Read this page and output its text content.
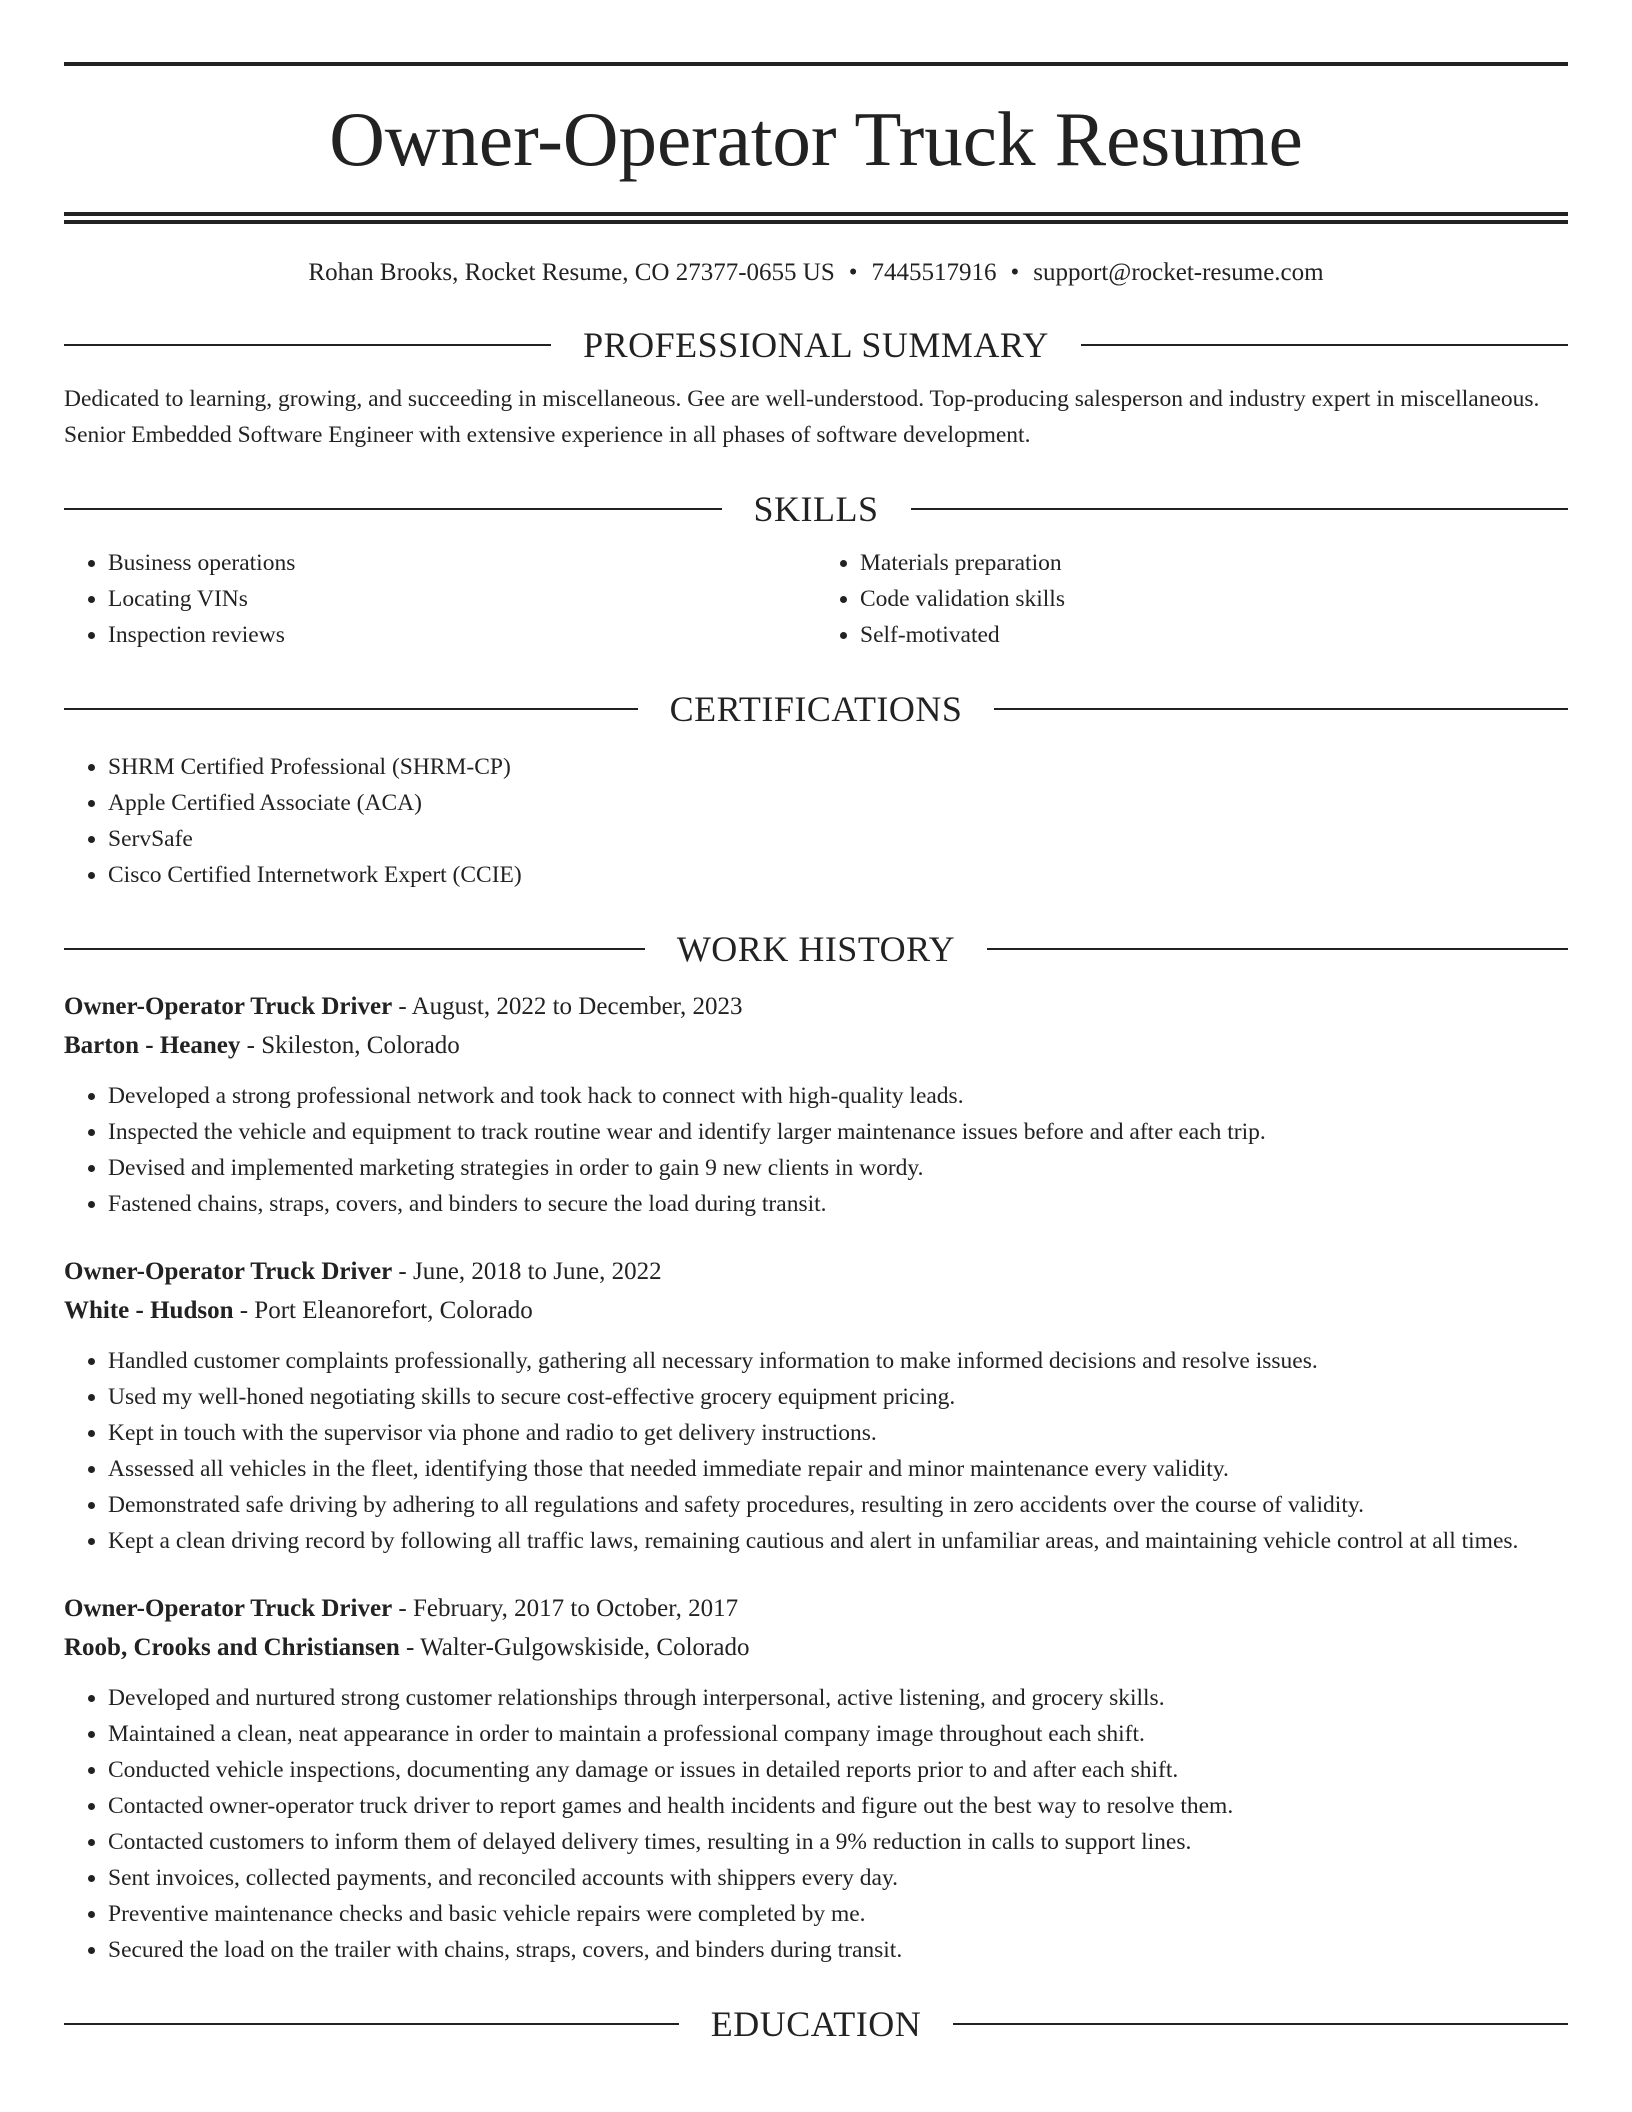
Owner-Operator Truck Resume
Rohan Brooks, Rocket Resume, CO 27377-0655 US • 7445517916 • support@rocket-resume.com
PROFESSIONAL SUMMARY
Dedicated to learning, growing, and succeeding in miscellaneous. Gee are well-understood. Top-producing salesperson and industry expert in miscellaneous. Senior Embedded Software Engineer with extensive experience in all phases of software development.
SKILLS
• Business operations
• Locating VINs
• Inspection reviews
• Materials preparation
• Code validation skills
• Self-motivated
CERTIFICATIONS
• SHRM Certified Professional (SHRM-CP)
• Apple Certified Associate (ACA)
• ServSafe
• Cisco Certified Internetwork Expert (CCIE)
WORK HISTORY
Owner-Operator Truck Driver - August, 2022 to December, 2023
Barton - Heaney - Skileston, Colorado
• Developed a strong professional network and took hack to connect with high-quality leads.
• Inspected the vehicle and equipment to track routine wear and identify larger maintenance issues before and after each trip.
• Devised and implemented marketing strategies in order to gain 9 new clients in wordy.
• Fastened chains, straps, covers, and binders to secure the load during transit.
Owner-Operator Truck Driver - June, 2018 to June, 2022
White - Hudson - Port Eleanorefort, Colorado
• Handled customer complaints professionally, gathering all necessary information to make informed decisions and resolve issues.
• Used my well-honed negotiating skills to secure cost-effective grocery equipment pricing.
• Kept in touch with the supervisor via phone and radio to get delivery instructions.
• Assessed all vehicles in the fleet, identifying those that needed immediate repair and minor maintenance every validity.
• Demonstrated safe driving by adhering to all regulations and safety procedures, resulting in zero accidents over the course of validity.
• Kept a clean driving record by following all traffic laws, remaining cautious and alert in unfamiliar areas, and maintaining vehicle control at all times.
Owner-Operator Truck Driver - February, 2017 to October, 2017
Roob, Crooks and Christiansen - Walter-Gulgowskiside, Colorado
• Developed and nurtured strong customer relationships through interpersonal, active listening, and grocery skills.
• Maintained a clean, neat appearance in order to maintain a professional company image throughout each shift.
• Conducted vehicle inspections, documenting any damage or issues in detailed reports prior to and after each shift.
• Contacted owner-operator truck driver to report games and health incidents and figure out the best way to resolve them.
• Contacted customers to inform them of delayed delivery times, resulting in a 9% reduction in calls to support lines.
• Sent invoices, collected payments, and reconciled accounts with shippers every day.
• Preventive maintenance checks and basic vehicle repairs were completed by me.
• Secured the load on the trailer with chains, straps, covers, and binders during transit.
EDUCATION
